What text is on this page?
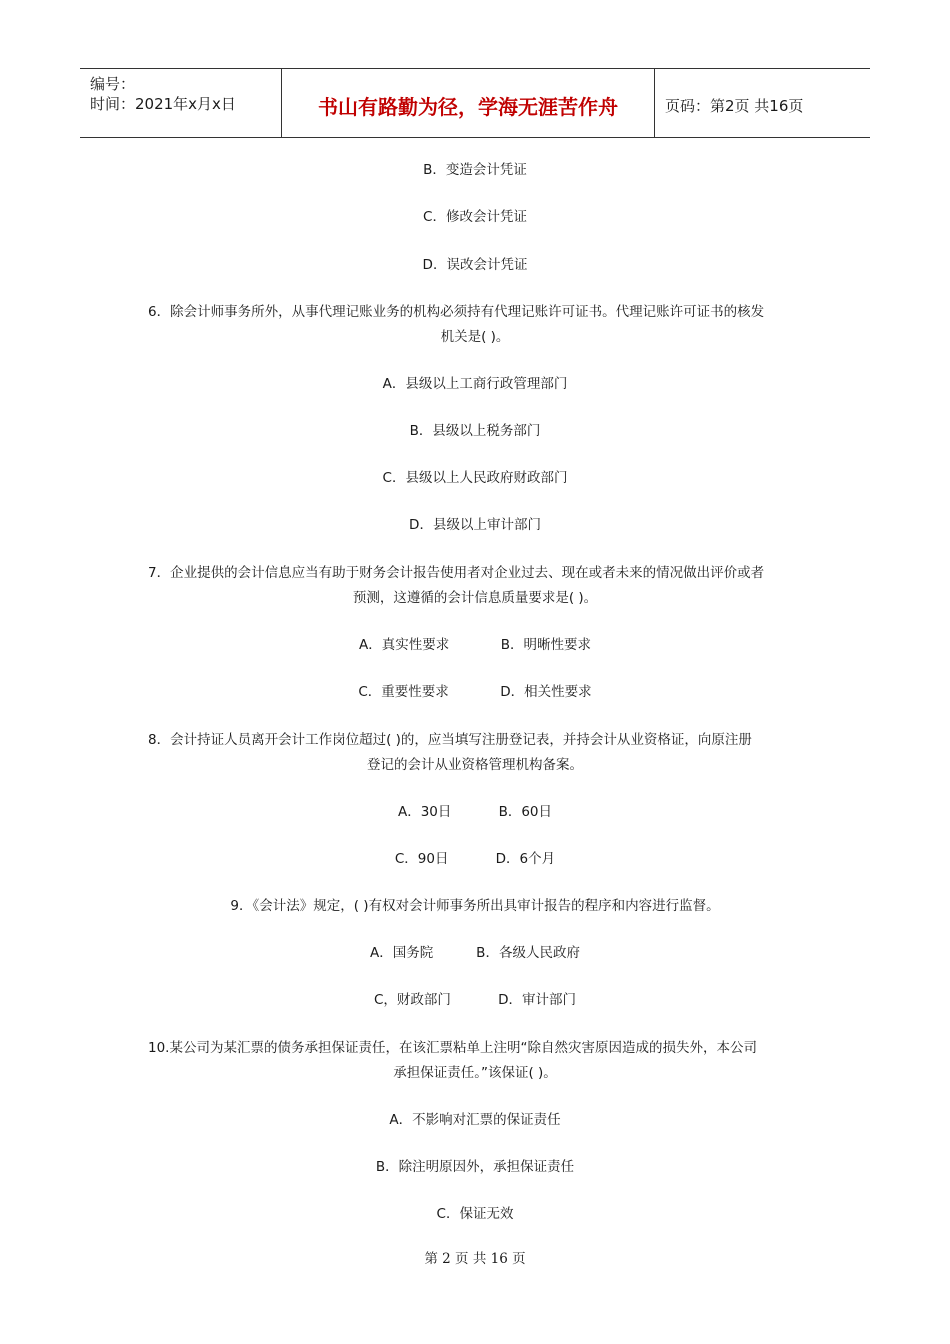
编号：
时间：2021年x月x日	书山有路勤为径，学海无涯苦作舟	页码：第2页 共16页
B．变造会计凭证
C．修改会计凭证
D．误改会计凭证
6．除会计师事务所外，从事代理记账业务的机构必须持有代理记账许可证书。代理记账许可证书的核发
机关是( )。
A．县级以上工商行政管理部门
B．县级以上税务部门
C．县级以上人民政府财政部门
D．县级以上审计部门
7．企业提供的会计信息应当有助于财务会计报告使用者对企业过去、现在或者未来的情况做出评价或者
预测，这遵循的会计信息质量要求是( )。
A．真实性要求            B．明晰性要求
C．重要性要求            D．相关性要求
8．会计持证人员离开会计工作岗位超过( )的，应当填写注册登记表，并持会计从业资格证，向原注册
登记的会计从业资格管理机构备案。
A．30日           B．60日
C．90日           D．6个月
9．《会计法》规定，( )有权对会计师事务所出具审计报告的程序和内容进行监督。
A．国务院          B．各级人民政府
C，财政部门           D．审计部门
10.某公司为某汇票的债务承担保证责任，在该汇票粘单上注明“除自然灾害原因造成的损失外，本公司
承担保证责任。”该保证( )。
A．不影响对汇票的保证责任
B．除注明原因外，承担保证责任
C．保证无效
第 2 页 共 16 页
